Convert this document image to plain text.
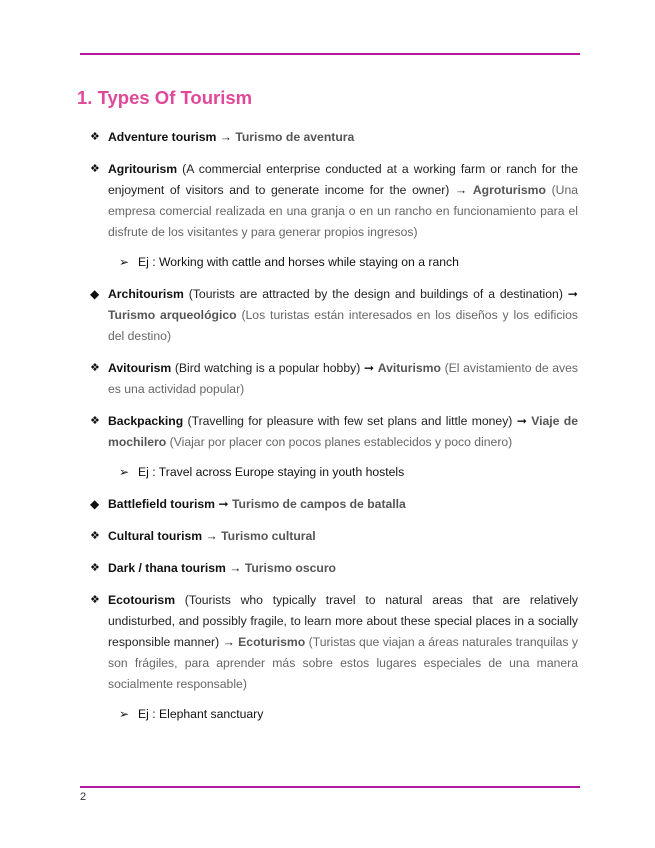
1. Types Of Tourism
❖ Adventure tourism → Turismo de aventura
❖ Agritourism (A commercial enterprise conducted at a working farm or ranch for the enjoyment of visitors and to generate income for the owner) → Agroturismo (Una empresa comercial realizada en una granja o en un rancho en funcionamiento para el disfrute de los visitantes y para generar propios ingresos)
➢ Ej : Working with cattle and horses while staying on a ranch
◆ Architourism (Tourists are attracted by the design and buildings of a destination) ➞ Turismo arqueológico (Los turistas están interesados en los diseños y los edificios del destino)
❖ Avitourism (Bird watching is a popular hobby) ➞ Aviturismo (El avistamiento de aves es una actividad popular)
❖ Backpacking (Travelling for pleasure with few set plans and little money) ➞ Viaje de mochilero (Viajar por placer con pocos planes establecidos y poco dinero)
➢ Ej : Travel across Europe staying in youth hostels
◆ Battlefield tourism ➞ Turismo de campos de batalla
❖ Cultural tourism → Turismo cultural
❖ Dark / thana tourism → Turismo oscuro
❖ Ecotourism (Tourists who typically travel to natural areas that are relatively undisturbed, and possibly fragile, to learn more about these special places in a socially responsible manner) → Ecoturismo (Turistas que viajan a áreas naturales tranquilas y son frágiles, para aprender más sobre estos lugares especiales de una manera socialmente responsable)
➢ Ej : Elephant sanctuary
2
